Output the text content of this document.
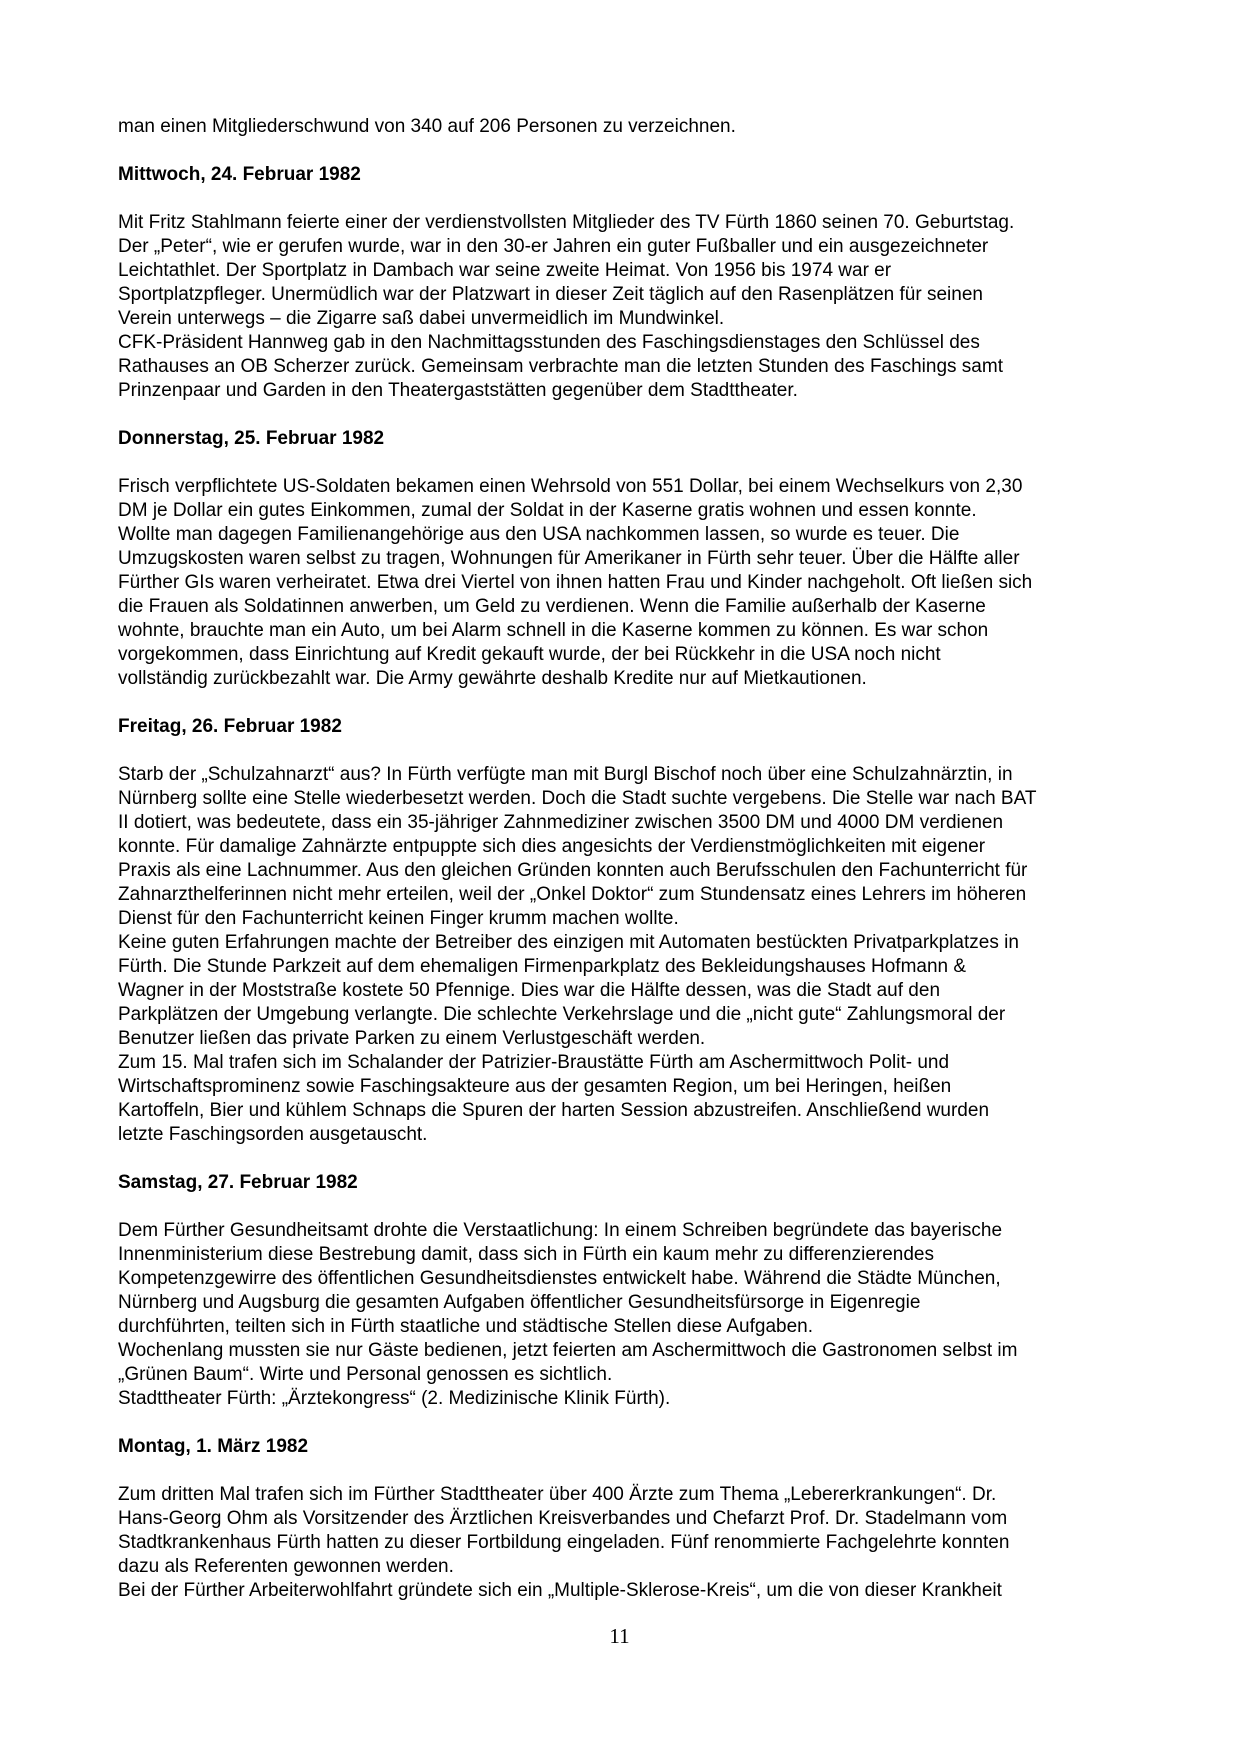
man einen Mitgliederschwund von 340 auf 206 Personen zu verzeichnen.
Mittwoch, 24. Februar 1982
Mit Fritz Stahlmann feierte einer der verdienstvollsten Mitglieder des TV Fürth 1860 seinen 70. Geburtstag.
Der „Peter“, wie er gerufen wurde, war in den 30-er Jahren ein guter Fußballer und ein ausgezeichneter
Leichtathlet. Der Sportplatz in Dambach war seine zweite Heimat. Von 1956 bis 1974 war er
Sportplatzpfleger. Unermüdlich war der Platzwart in dieser Zeit täglich auf den Rasenplätzen für seinen
Verein unterwegs – die Zigarre saß dabei unvermeidlich im Mundwinkel.
CFK-Präsident Hannweg gab in den Nachmittagsstunden des Faschingsdienstages den Schlüssel des
Rathauses an OB Scherzer zurück. Gemeinsam verbrachte man die letzten Stunden des Faschings samt
Prinzenpaar und Garden in den Theatergaststätten gegenüber dem Stadttheater.
Donnerstag, 25. Februar 1982
Frisch verpflichtete US-Soldaten bekamen einen Wehrsold von 551 Dollar, bei einem Wechselkurs von 2,30
DM je Dollar ein gutes Einkommen, zumal der Soldat in der Kaserne gratis wohnen und essen konnte.
Wollte man dagegen Familienangehörige aus den USA nachkommen lassen, so wurde es teuer. Die
Umzugskosten waren selbst zu tragen, Wohnungen für Amerikaner in Fürth sehr teuer. Über die Hälfte aller
Fürther GIs waren verheiratet. Etwa drei Viertel von ihnen hatten Frau und Kinder nachgeholt. Oft ließen sich
die Frauen als Soldatinnen anwerben, um Geld zu verdienen. Wenn die Familie außerhalb der Kaserne
wohnte, brauchte man ein Auto, um bei Alarm schnell in die Kaserne kommen zu können. Es war schon
vorgekommen, dass Einrichtung auf Kredit gekauft wurde, der bei Rückkehr in die USA noch nicht
vollständig zurückbezahlt war. Die Army gewährte deshalb Kredite nur auf Mietkautionen.
Freitag, 26. Februar 1982
Starb der „Schulzahnarzt“ aus? In Fürth verfügte man mit Burgl Bischof noch über eine Schulzahnärztin, in
Nürnberg sollte eine Stelle wiederbesetzt werden. Doch die Stadt suchte vergebens. Die Stelle war nach BAT
II dotiert, was bedeutete, dass ein 35-jähriger Zahnmediziner zwischen 3500 DM und 4000 DM verdienen
konnte. Für damalige Zahnärzte entpuppte sich dies angesichts der Verdienstmöglichkeiten mit eigener
Praxis als eine Lachnummer. Aus den gleichen Gründen konnten auch Berufsschulen den Fachunterricht für
Zahnarzthelferinnen nicht mehr erteilen, weil der „Onkel Doktor“ zum Stundensatz eines Lehrers im höheren
Dienst für den Fachunterricht keinen Finger krumm machen wollte.
Keine guten Erfahrungen machte der Betreiber des einzigen mit Automaten bestückten Privatparkplatzes in
Fürth. Die Stunde Parkzeit auf dem ehemaligen Firmenparkplatz des Bekleidungshauses Hofmann &
Wagner in der Moststraße kostete 50 Pfennige. Dies war die Hälfte dessen, was die Stadt auf den
Parkplätzen der Umgebung verlangte. Die schlechte Verkehrslage und die „nicht gute“ Zahlungsmoral der
Benutzer ließen das private Parken zu einem Verlustgeschäft werden.
Zum 15. Mal trafen sich im Schalander der Patrizier-Braustätte Fürth am Aschermittwoch Polit- und
Wirtschaftsprominenz sowie Faschingsakteure aus der gesamten Region, um bei Heringen, heißen
Kartoffeln, Bier und kühlem Schnaps die Spuren der harten Session abzustreifen. Anschließend wurden
letzte Faschingsorden ausgetauscht.
Samstag, 27. Februar 1982
Dem Fürther Gesundheitsamt drohte die Verstaatlichung: In einem Schreiben begründete das bayerische
Innenministerium diese Bestrebung damit, dass sich in Fürth ein kaum mehr zu differenzierendes
Kompetenzgewirre des öffentlichen Gesundheitsdienstes entwickelt habe. Während die Städte München,
Nürnberg und Augsburg die gesamten Aufgaben öffentlicher Gesundheitsfürsorge in Eigenregie
durchführten, teilten sich in Fürth staatliche und städtische Stellen diese Aufgaben.
Wochenlang mussten sie nur Gäste bedienen, jetzt feierten am Aschermittwoch die Gastronomen selbst im
„Grünen Baum“. Wirte und Personal genossen es sichtlich.
Stadttheater Fürth: „Ärztekongress“ (2. Medizinische Klinik Fürth).
Montag, 1. März 1982
Zum dritten Mal trafen sich im Fürther Stadttheater über 400 Ärzte zum Thema „Lebererkrankungen“. Dr.
Hans-Georg Ohm als Vorsitzender des Ärztlichen Kreisverbandes und Chefarzt Prof. Dr. Stadelmann vom
Stadtkrankenhaus Fürth hatten zu dieser Fortbildung eingeladen. Fünf renommierte Fachgelehrte konnten
dazu als Referenten gewonnen werden.
Bei der Fürther Arbeiterwohlfahrt gründete sich ein „Multiple-Sklerose-Kreis“, um die von dieser Krankheit
11
